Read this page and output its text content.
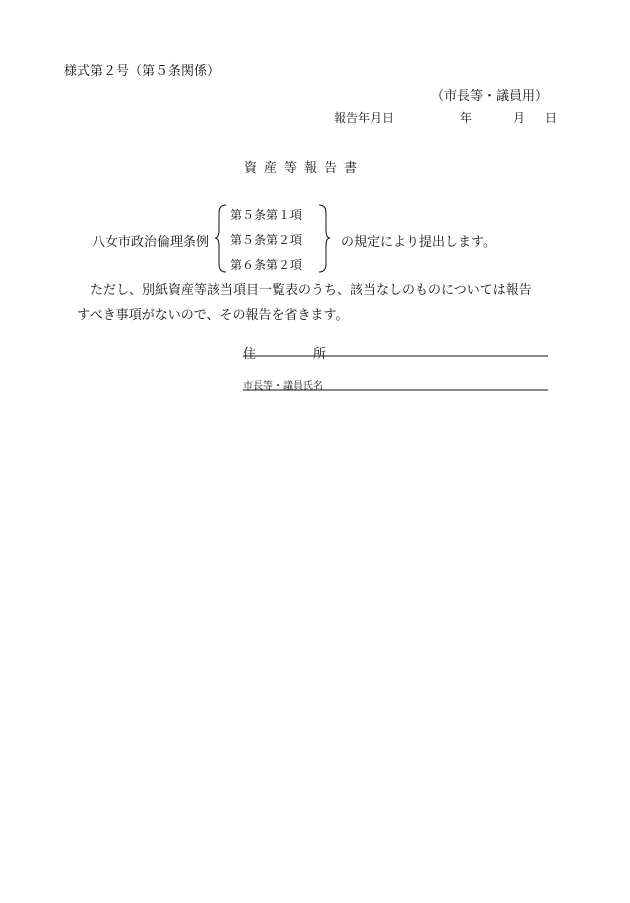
様式第２号（第５条関係）
（市長等・議員用）
報告年月日	年	月 日
資産等報告書
八女市政治倫理条例
第５条第１項
第５条第２項
第６条第２項
の規定により提出します。
ただし、別紙資産等該当項目一覧表のうち、該当なしのものについては報告
すべき事項がないので、その報告を省きます。
住	所
市長等・議員氏名
